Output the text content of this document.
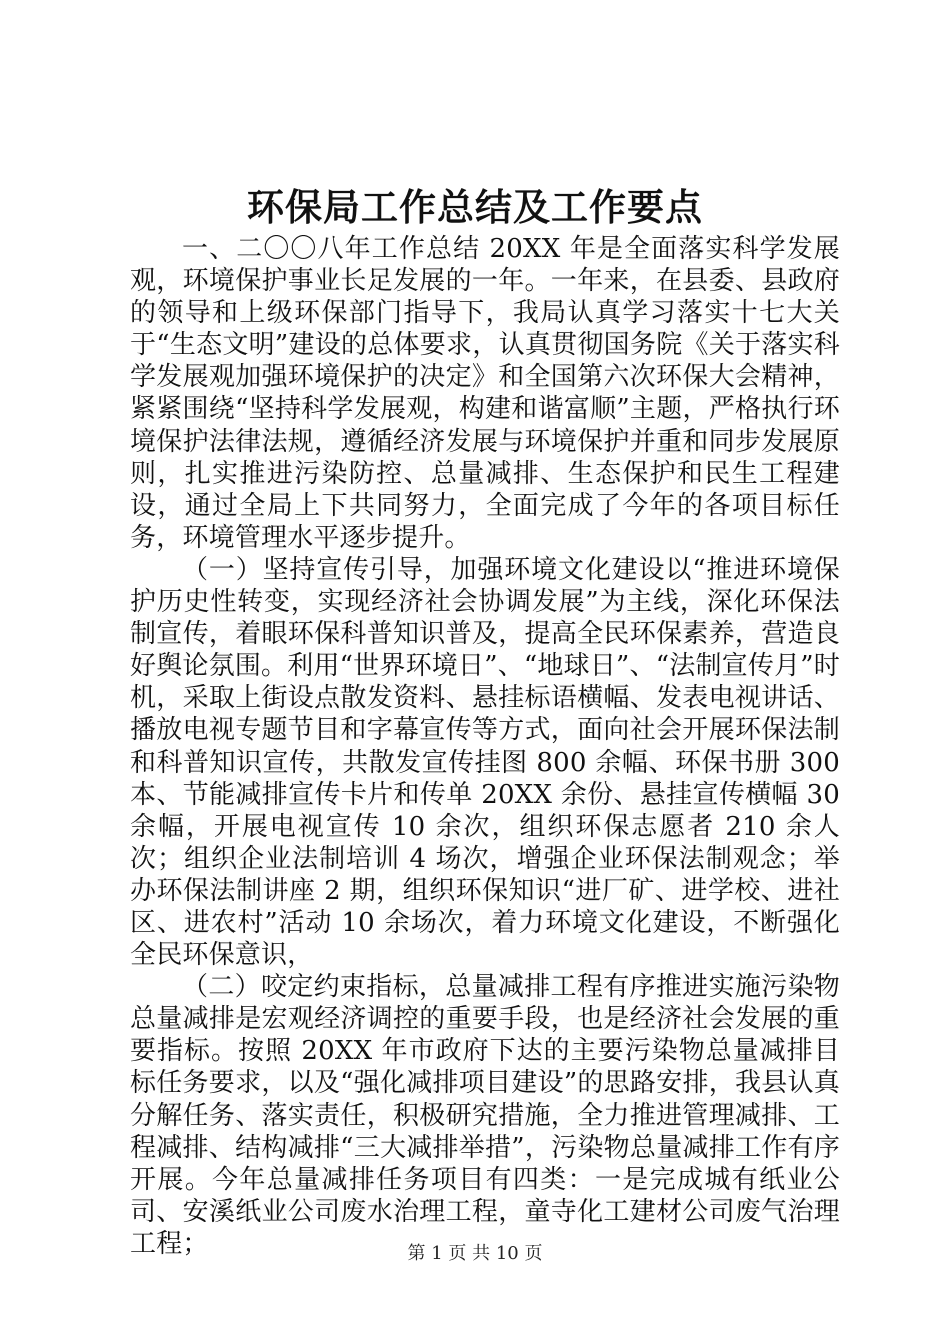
环保局工作总结及工作要点

一、二〇〇八年工作总结 20XX 年是全面落实科学发展观，环境保护事业长足发展的一年。一年来，在县委、县政府的领导和上级环保部门指导下，我局认真学习落实十七大关于“生态文明”建设的总体要求，认真贯彻国务院《关于落实科学发展观加强环境保护的决定》和全国第六次环保大会精神，紧紧围绕“坚持科学发展观，构建和谐富顺”主题，严格执行环境保护法律法规，遵循经济发展与环境保护并重和同步发展原则，扎实推进污染防控、总量减排、生态保护和民生工程建设，通过全局上下共同努力，全面完成了今年的各项目标任务，环境管理水平逐步提升。

（一）坚持宣传引导，加强环境文化建设以“推进环境保护历史性转变，实现经济社会协调发展”为主线，深化环保法制宣传，着眼环保科普知识普及，提高全民环保素养，营造良好舆论氛围。利用“世界环境日”、“地球日”、“法制宣传月”时机，采取上街设点散发资料、悬挂标语横幅、发表电视讲话、播放电视专题节目和字幕宣传等方式，面向社会开展环保法制和科普知识宣传，共散发宣传挂图 800 余幅、环保书册 300 本、节能减排宣传卡片和传单 20XX 余份、悬挂宣传横幅 30 余幅，开展电视宣传 10 余次，组织环保志愿者 210 余人次；组织企业法制培训 4 场次，增强企业环保法制观念；举办环保法制讲座 2 期，组织环保知识“进厂矿、进学校、进社区、进农村”活动 10 余场次，着力环境文化建设，不断强化全民环保意识，

（二）咬定约束指标，总量减排工程有序推进实施污染物总量减排是宏观经济调控的重要手段，也是经济社会发展的重要指标。按照 20XX 年市政府下达的主要污染物总量减排目标任务要求，以及“强化减排项目建设”的思路安排，我县认真分解任务、落实责任，积极研究措施，全力推进管理减排、工程减排、结构减排“三大减排举措”，污染物总量减排工作有序开展。今年总量减排任务项目有四类：一是完成城有纸业公司、安溪纸业公司废水治理工程，童寺化工建材公司废气治理工程；	第 1 页 共 10 页
